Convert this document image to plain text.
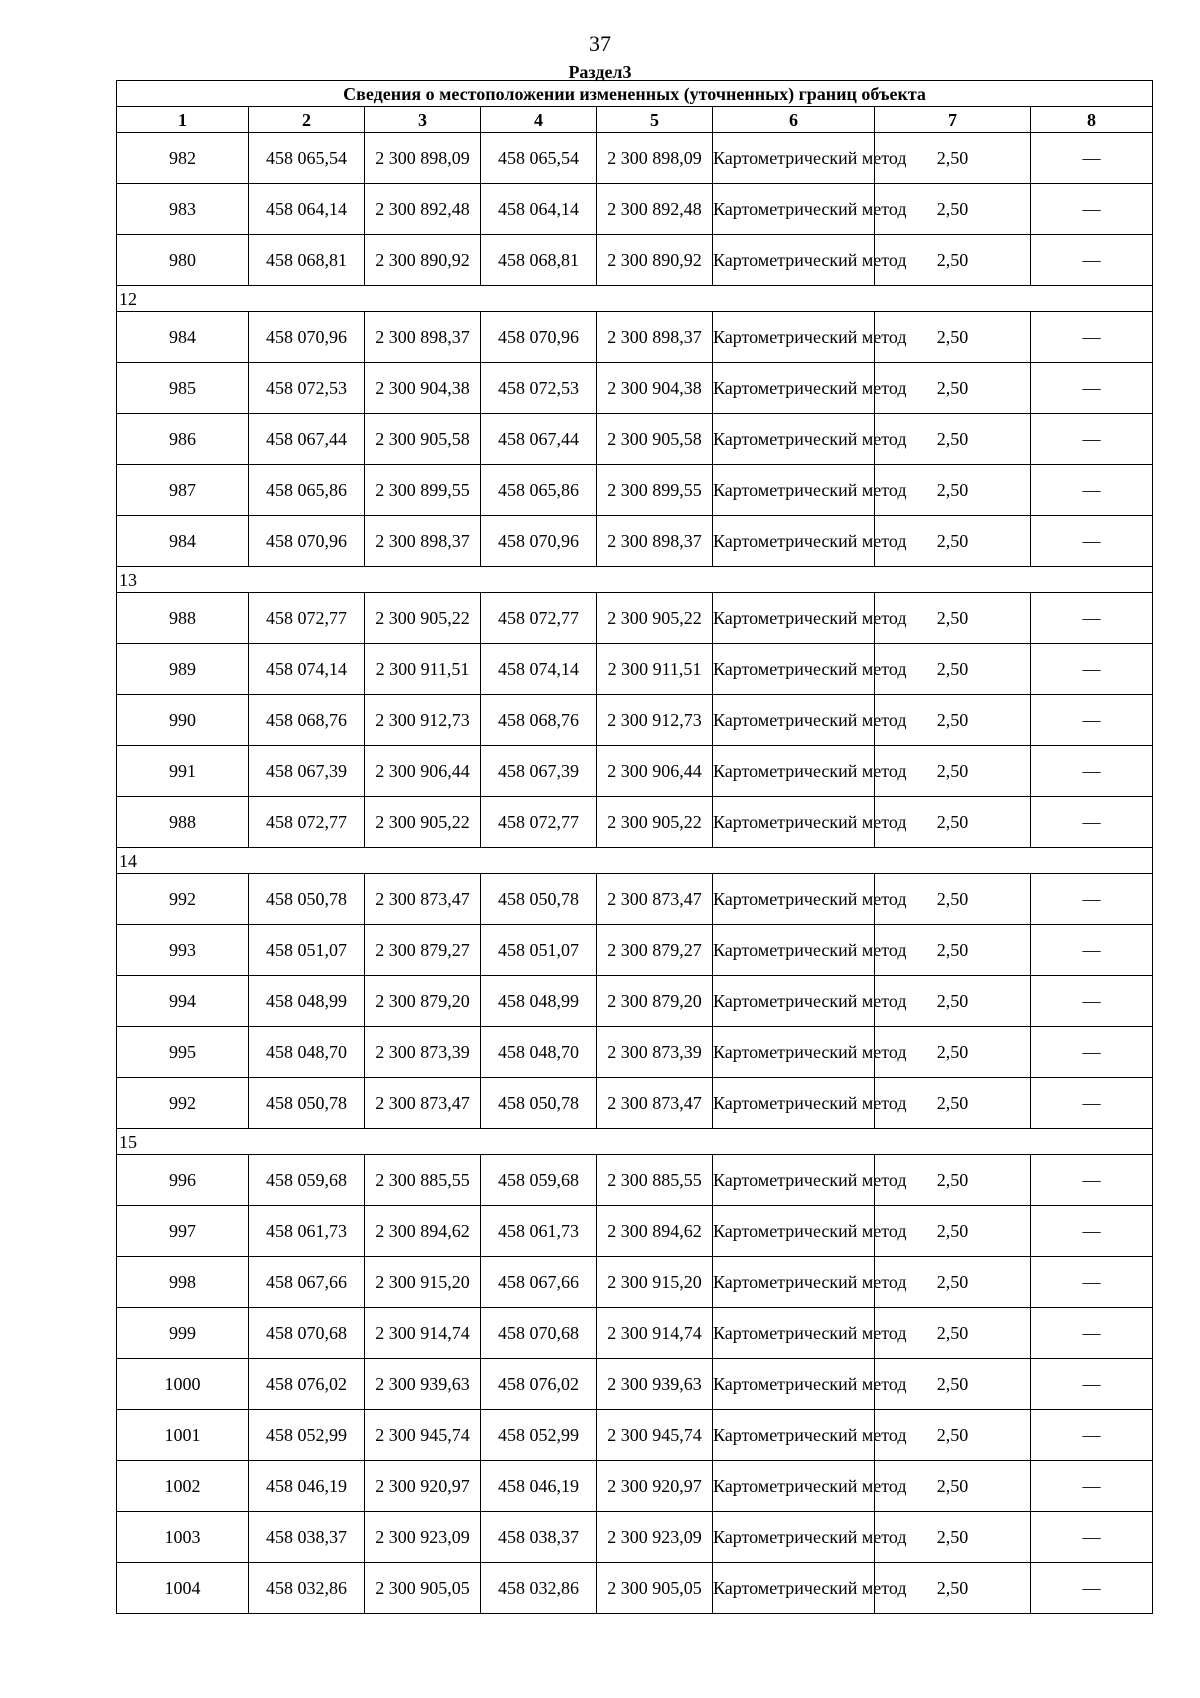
37
Раздел3
Сведения о местоположении измененных (уточненных) границ объекта							
1	2	3	4	5	6	7	8
982	458 065,54	2 300 898,09	458 065,54	2 300 898,09	Картометрический метод	2,50	—
983	458 064,14	2 300 892,48	458 064,14	2 300 892,48	Картометрический метод	2,50	—
980	458 068,81	2 300 890,92	458 068,81	2 300 890,92	Картометрический метод	2,50	—
12							
984	458 070,96	2 300 898,37	458 070,96	2 300 898,37	Картометрический метод	2,50	—
985	458 072,53	2 300 904,38	458 072,53	2 300 904,38	Картометрический метод	2,50	—
986	458 067,44	2 300 905,58	458 067,44	2 300 905,58	Картометрический метод	2,50	—
987	458 065,86	2 300 899,55	458 065,86	2 300 899,55	Картометрический метод	2,50	—
984	458 070,96	2 300 898,37	458 070,96	2 300 898,37	Картометрический метод	2,50	—
13							
988	458 072,77	2 300 905,22	458 072,77	2 300 905,22	Картометрический метод	2,50	—
989	458 074,14	2 300 911,51	458 074,14	2 300 911,51	Картометрический метод	2,50	—
990	458 068,76	2 300 912,73	458 068,76	2 300 912,73	Картометрический метод	2,50	—
991	458 067,39	2 300 906,44	458 067,39	2 300 906,44	Картометрический метод	2,50	—
988	458 072,77	2 300 905,22	458 072,77	2 300 905,22	Картометрический метод	2,50	—
14							
992	458 050,78	2 300 873,47	458 050,78	2 300 873,47	Картометрический метод	2,50	—
993	458 051,07	2 300 879,27	458 051,07	2 300 879,27	Картометрический метод	2,50	—
994	458 048,99	2 300 879,20	458 048,99	2 300 879,20	Картометрический метод	2,50	—
995	458 048,70	2 300 873,39	458 048,70	2 300 873,39	Картометрический метод	2,50	—
992	458 050,78	2 300 873,47	458 050,78	2 300 873,47	Картометрический метод	2,50	—
15							
996	458 059,68	2 300 885,55	458 059,68	2 300 885,55	Картометрический метод	2,50	—
997	458 061,73	2 300 894,62	458 061,73	2 300 894,62	Картометрический метод	2,50	—
998	458 067,66	2 300 915,20	458 067,66	2 300 915,20	Картометрический метод	2,50	—
999	458 070,68	2 300 914,74	458 070,68	2 300 914,74	Картометрический метод	2,50	—
1000	458 076,02	2 300 939,63	458 076,02	2 300 939,63	Картометрический метод	2,50	—
1001	458 052,99	2 300 945,74	458 052,99	2 300 945,74	Картометрический метод	2,50	—
1002	458 046,19	2 300 920,97	458 046,19	2 300 920,97	Картометрический метод	2,50	—
1003	458 038,37	2 300 923,09	458 038,37	2 300 923,09	Картометрический метод	2,50	—
1004	458 032,86	2 300 905,05	458 032,86	2 300 905,05	Картометрический метод	2,50	—
